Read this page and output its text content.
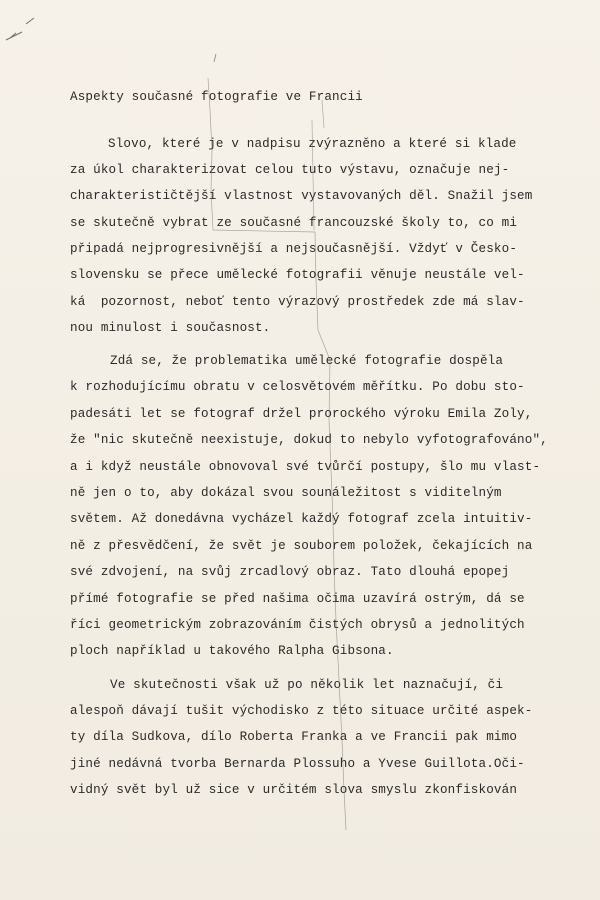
Aspekty současné fotografie ve Francii
Slovo, které je v nadpisu zvýrazněno a které si klade
za úkol charakterizovat celou tuto výstavu, označuje nej-
charakterističtější vlastnost vystavovaných děl. Snažil jsem
se skutečně vybrat ze současné francouzské školy to, co mi
připadá nejprogresivnější a nejsoučasnější. Vždyť v Česko-
slovensku se přece umělecké fotografii věnuje neustále vel-
ká  pozornost, neboť tento výrazový prostředek zde má slav-
nou minulost i současnost.
Zdá se, že problematika umělecké fotografie dospěla
k rozhodujícímu obratu v celosvětovém měřítku. Po dobu sto-
padesáti let se fotograf držel prorockého výroku Emila Zoly,
že "nic skutečně neexistuje, dokud to nebylo vyfotografováno",
a i když neustále obnovoval své tvůrčí postupy, šlo mu vlast-
ně jen o to, aby dokázal svou sounáležitost s viditelným
světem. Až donedávna vycházel každý fotograf zcela intuitiv-
ně z přesvědčení, že svět je souborem položek, čekajících na
své zdvojení, na svůj zrcadlový obraz. Tato dlouhá epopej
přímé fotografie se před našima očima uzavírá ostrým, dá se
říci geometrickým zobrazováním čistých obrysů a jednolitých
ploch například u takového Ralpha Gibsona.
Ve skutečnosti však už po několik let naznačují, či
alespoň dávají tušit východisko z této situace určité aspek-
ty díla Sudkova, dílo Roberta Franka a ve Francii pak mimo
jiné nedávná tvorba Bernarda Plossuho a Yvese Guillota.Oči-
vidný svět byl už sice v určitém slova smyslu zkonfiskován
